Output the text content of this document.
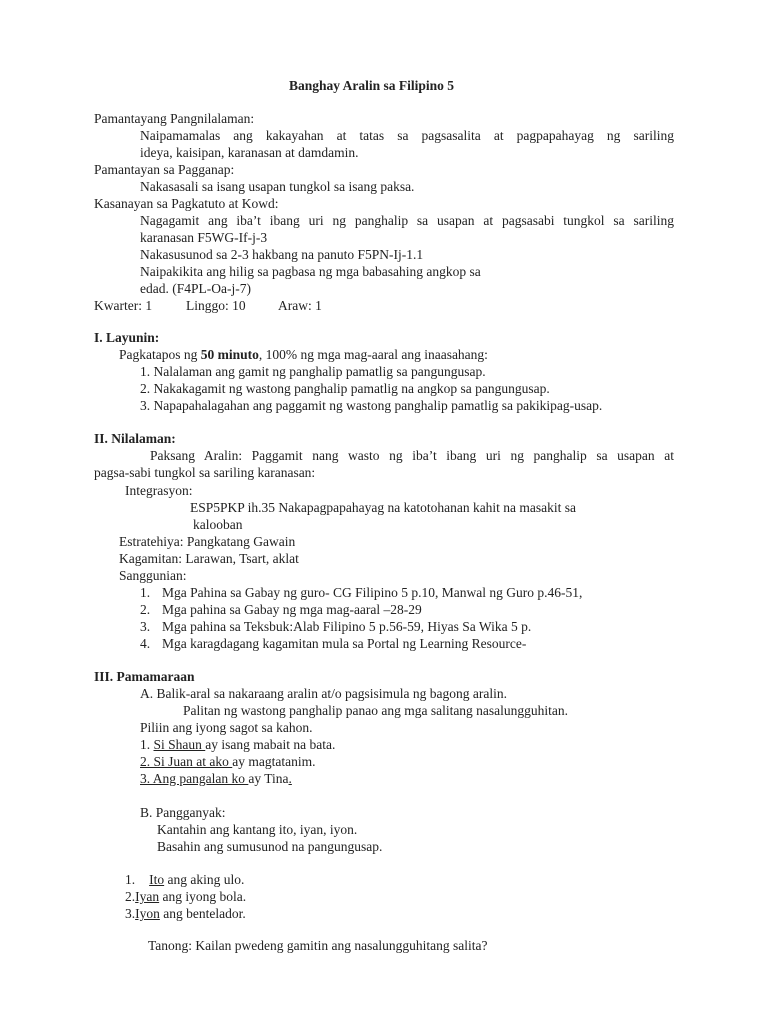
Banghay Aralin sa Filipino 5
Pamantayang Pangnilalaman:
Naipamamalas ang kakayahan at tatas sa pagsasalita at pagpapahayag ng sariling
ideya, kaisipan, karanasan at damdamin.
Pamantayan sa Pagganap:
Nakasasali sa isang usapan tungkol sa isang paksa.
Kasanayan sa Pagkatuto at Kowd:
Nagagamit ang iba’t ibang uri ng panghalip sa usapan at pagsasabi tungkol sa sariling
karanasan F5WG-If-j-3
Nakasusunod sa 2-3 hakbang na panuto F5PN-Ij-1.1
Naipakikita ang hilig sa pagbasa ng mga babasahing angkop sa
edad. (F4PL-Oa-j-7)
Kwarter: 1	Linggo: 10 Araw: 1
I. Layunin:
Pagkatapos ng 50 minuto, 100% ng mga mag-aaral ang inaasahang:
1. Nalalaman ang gamit ng panghalip pamatlig sa pangungusap.
2. Nakakagamit ng wastong panghalip pamatlig na angkop sa pangungusap.
3. Napapahalagahan ang paggamit ng wastong panghalip pamatlig sa pakikipag-usap.
II. Nilalaman:
Paksang Aralin: Paggamit nang wasto ng iba’t ibang uri ng panghalip sa usapan at
pagsa-sabi tungkol sa sariling karanasan:
Integrasyon:
ESP5PKP ih.35 Nakapagpapahayag na katotohanan kahit na masakit sa
kalooban
Estratehiya: Pangkatang Gawain
Kagamitan: Larawan, Tsart, aklat
Sanggunian:
1. Mga Pahina sa Gabay ng guro- CG Filipino 5 p.10, Manwal ng Guro p.46-51,
2. Mga pahina sa Gabay ng mga mag-aaral –28-29
3. Mga pahina sa Teksbuk:Alab Filipino 5 p.56-59, Hiyas Sa Wika 5 p.
4. Mga karagdagang kagamitan mula sa Portal ng Learning Resource-
III. Pamamaraan
A. Balik-aral sa nakaraang aralin at/o pagsisimula ng bagong aralin.
Palitan ng wastong panghalip panao ang mga salitang nasalungguhitan.
Piliin ang iyong sagot sa kahon.
1. Si Shaun ay isang mabait na bata.
2. Si Juan at ako ay magtatanim.
3. Ang pangalan ko ay Tina.
B. Pangganyak:
Kantahin ang kantang ito, iyan, iyon.
Basahin ang sumusunod na pangungusap.
1. Ito ang aking ulo.
2.Iyan ang iyong bola.
3.Iyon ang bentelador.
Tanong: Kailan pwedeng gamitin ang nasalungguhitang salita?
